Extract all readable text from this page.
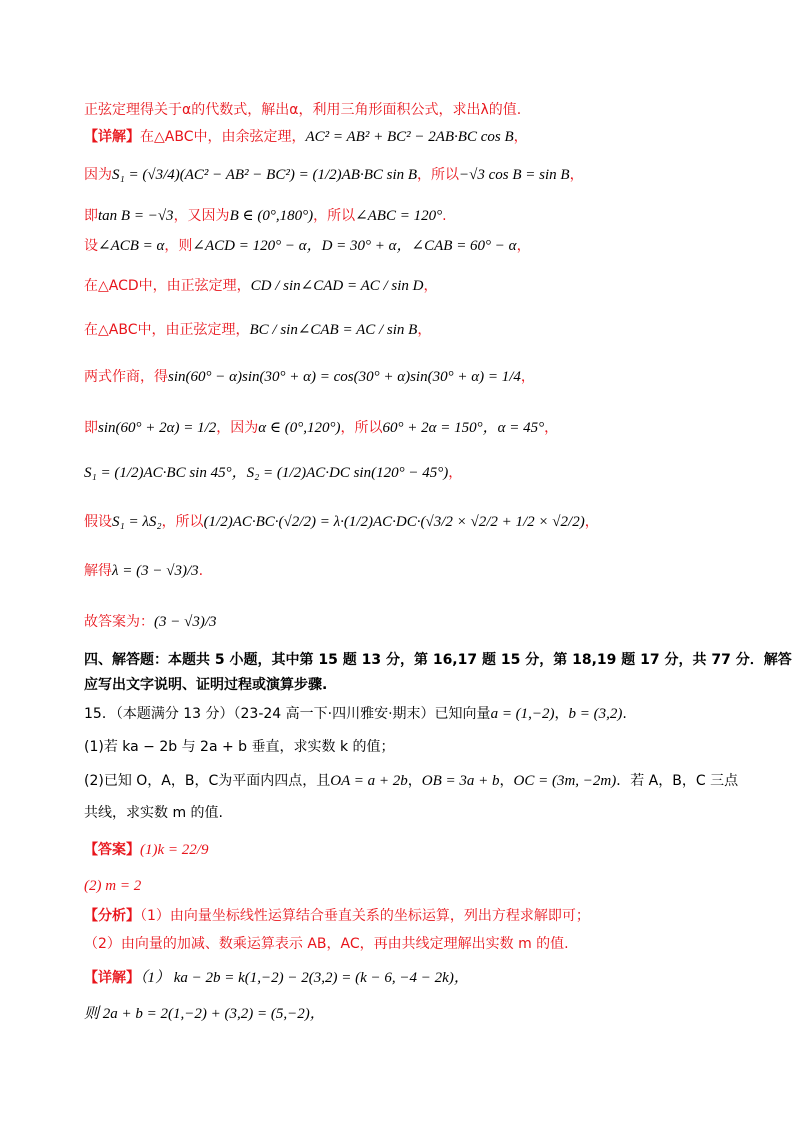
正弦定理得关于α的代数式，解出α，利用三角形面积公式，求出λ的值.
【详解】在△ABC中，由余弦定理，AC² = AB² + BC² − 2AB·BC cos B，
因为S₁ = (√3/4)(AC² − AB² − BC²) = (1/2)AB·BC sin B，所以−√3 cos B = sin B，
即tan B = −√3，又因为B ∈ (0°,180°)，所以∠ABC = 120°.
设∠ACB = α，则∠ACD = 120° − α，D = 30° + α，∠CAB = 60° − α，
在△ACD中，由正弦定理，CD / sin∠CAD = AC / sin D，
在△ABC中，由正弦定理，BC / sin∠CAB = AC / sin B，
两式作商，得sin(60° − α)sin(30° + α) = cos(30° + α)sin(30° + α) = 1/4，
即sin(60° + 2α) = 1/2，因为α ∈ (0°,120°)，所以60° + 2α = 150°，α = 45°，
S₁ = (1/2)AC·BC sin 45°，S₂ = (1/2)AC·DC sin(120° − 45°)，
假设S₁ = λS₂，所以(1/2)AC·BC·(√2/2) = λ·(1/2)AC·DC·(√3/2 × √2/2 + 1/2 × √2/2)，
解得λ = (3 − √3)/3.
故答案为：(3 − √3)/3
四、解答题：本题共 5 小题，其中第 15 题 13 分，第 16,17 题 15 分，第 18,19 题 17 分，共 77 分．解答
应写出文字说明、证明过程或演算步骤.
15．（本题满分 13 分）（23-24 高一下·四川雅安·期末）已知向量a = (1,−2)，b = (3,2).
(1)若 ka − 2b 与 2a + b 垂直，求实数 k 的值；
(2)已知 O，A，B，C为平面内四点，且OA = a + 2b，OB = 3a + b，OC = (3m, −2m)．若 A，B，C 三点
共线，求实数 m 的值.
【答案】(1)k = 22/9
(2) m = 2
【分析】（1）由向量坐标线性运算结合垂直关系的坐标运算，列出方程求解即可；
（2）由向量的加减、数乘运算表示 AB，AC，再由共线定理解出实数 m 的值.
【详解】（1） ka − 2b = k(1,−2) − 2(3,2) = (k − 6, −4 − 2k)，
则 2a + b = 2(1,−2) + (3,2) = (5,−2)，
